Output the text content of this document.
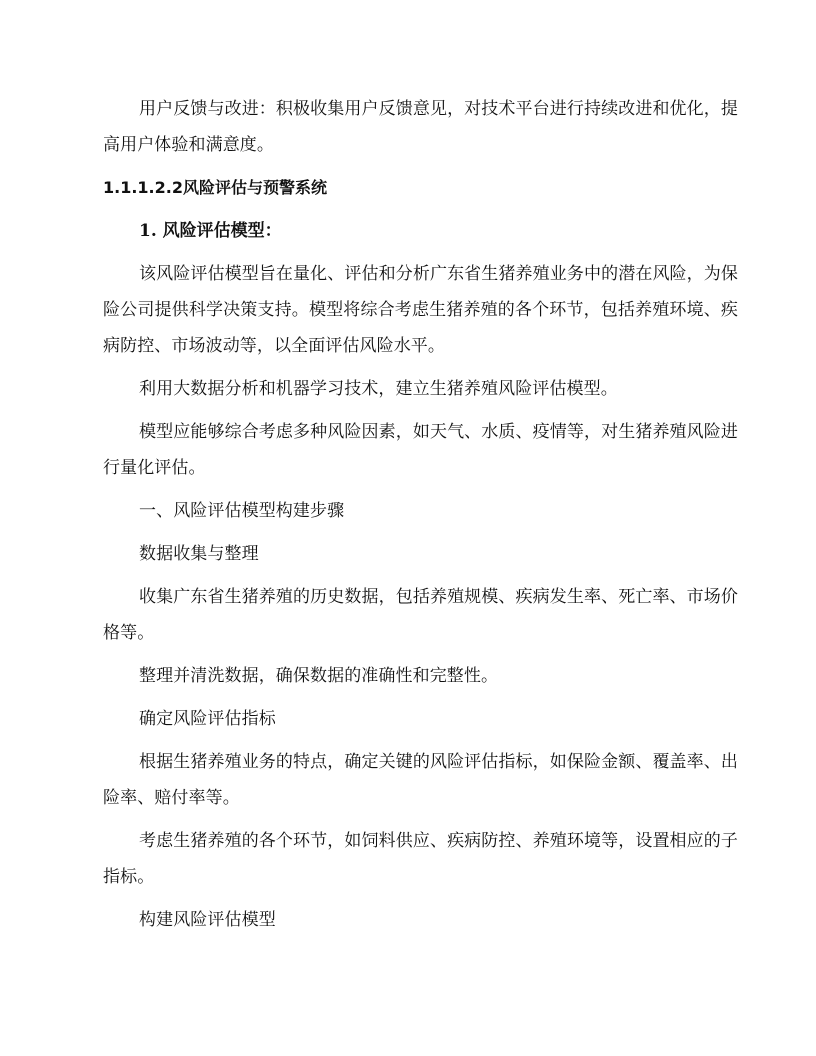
用户反馈与改进：积极收集用户反馈意见，对技术平台进行持续改进和优化，提高用户体验和满意度。

1.1.1.2.2风险评估与预警系统
1. 风险评估模型：

该风险评估模型旨在量化、评估和分析广东省生猪养殖业务中的潜在风险，为保险公司提供科学决策支持。模型将综合考虑生猪养殖的各个环节，包括养殖环境、疾病防控、市场波动等，以全面评估风险水平。

利用大数据分析和机器学习技术，建立生猪养殖风险评估模型。

模型应能够综合考虑多种风险因素，如天气、水质、疫情等，对生猪养殖风险进行量化评估。

一、风险评估模型构建步骤

数据收集与整理

收集广东省生猪养殖的历史数据，包括养殖规模、疾病发生率、死亡率、市场价格等。

整理并清洗数据，确保数据的准确性和完整性。

确定风险评估指标

根据生猪养殖业务的特点，确定关键的风险评估指标，如保险金额、覆盖率、出险率、赔付率等。

考虑生猪养殖的各个环节，如饲料供应、疾病防控、养殖环境等，设置相应的子指标。

构建风险评估模型
